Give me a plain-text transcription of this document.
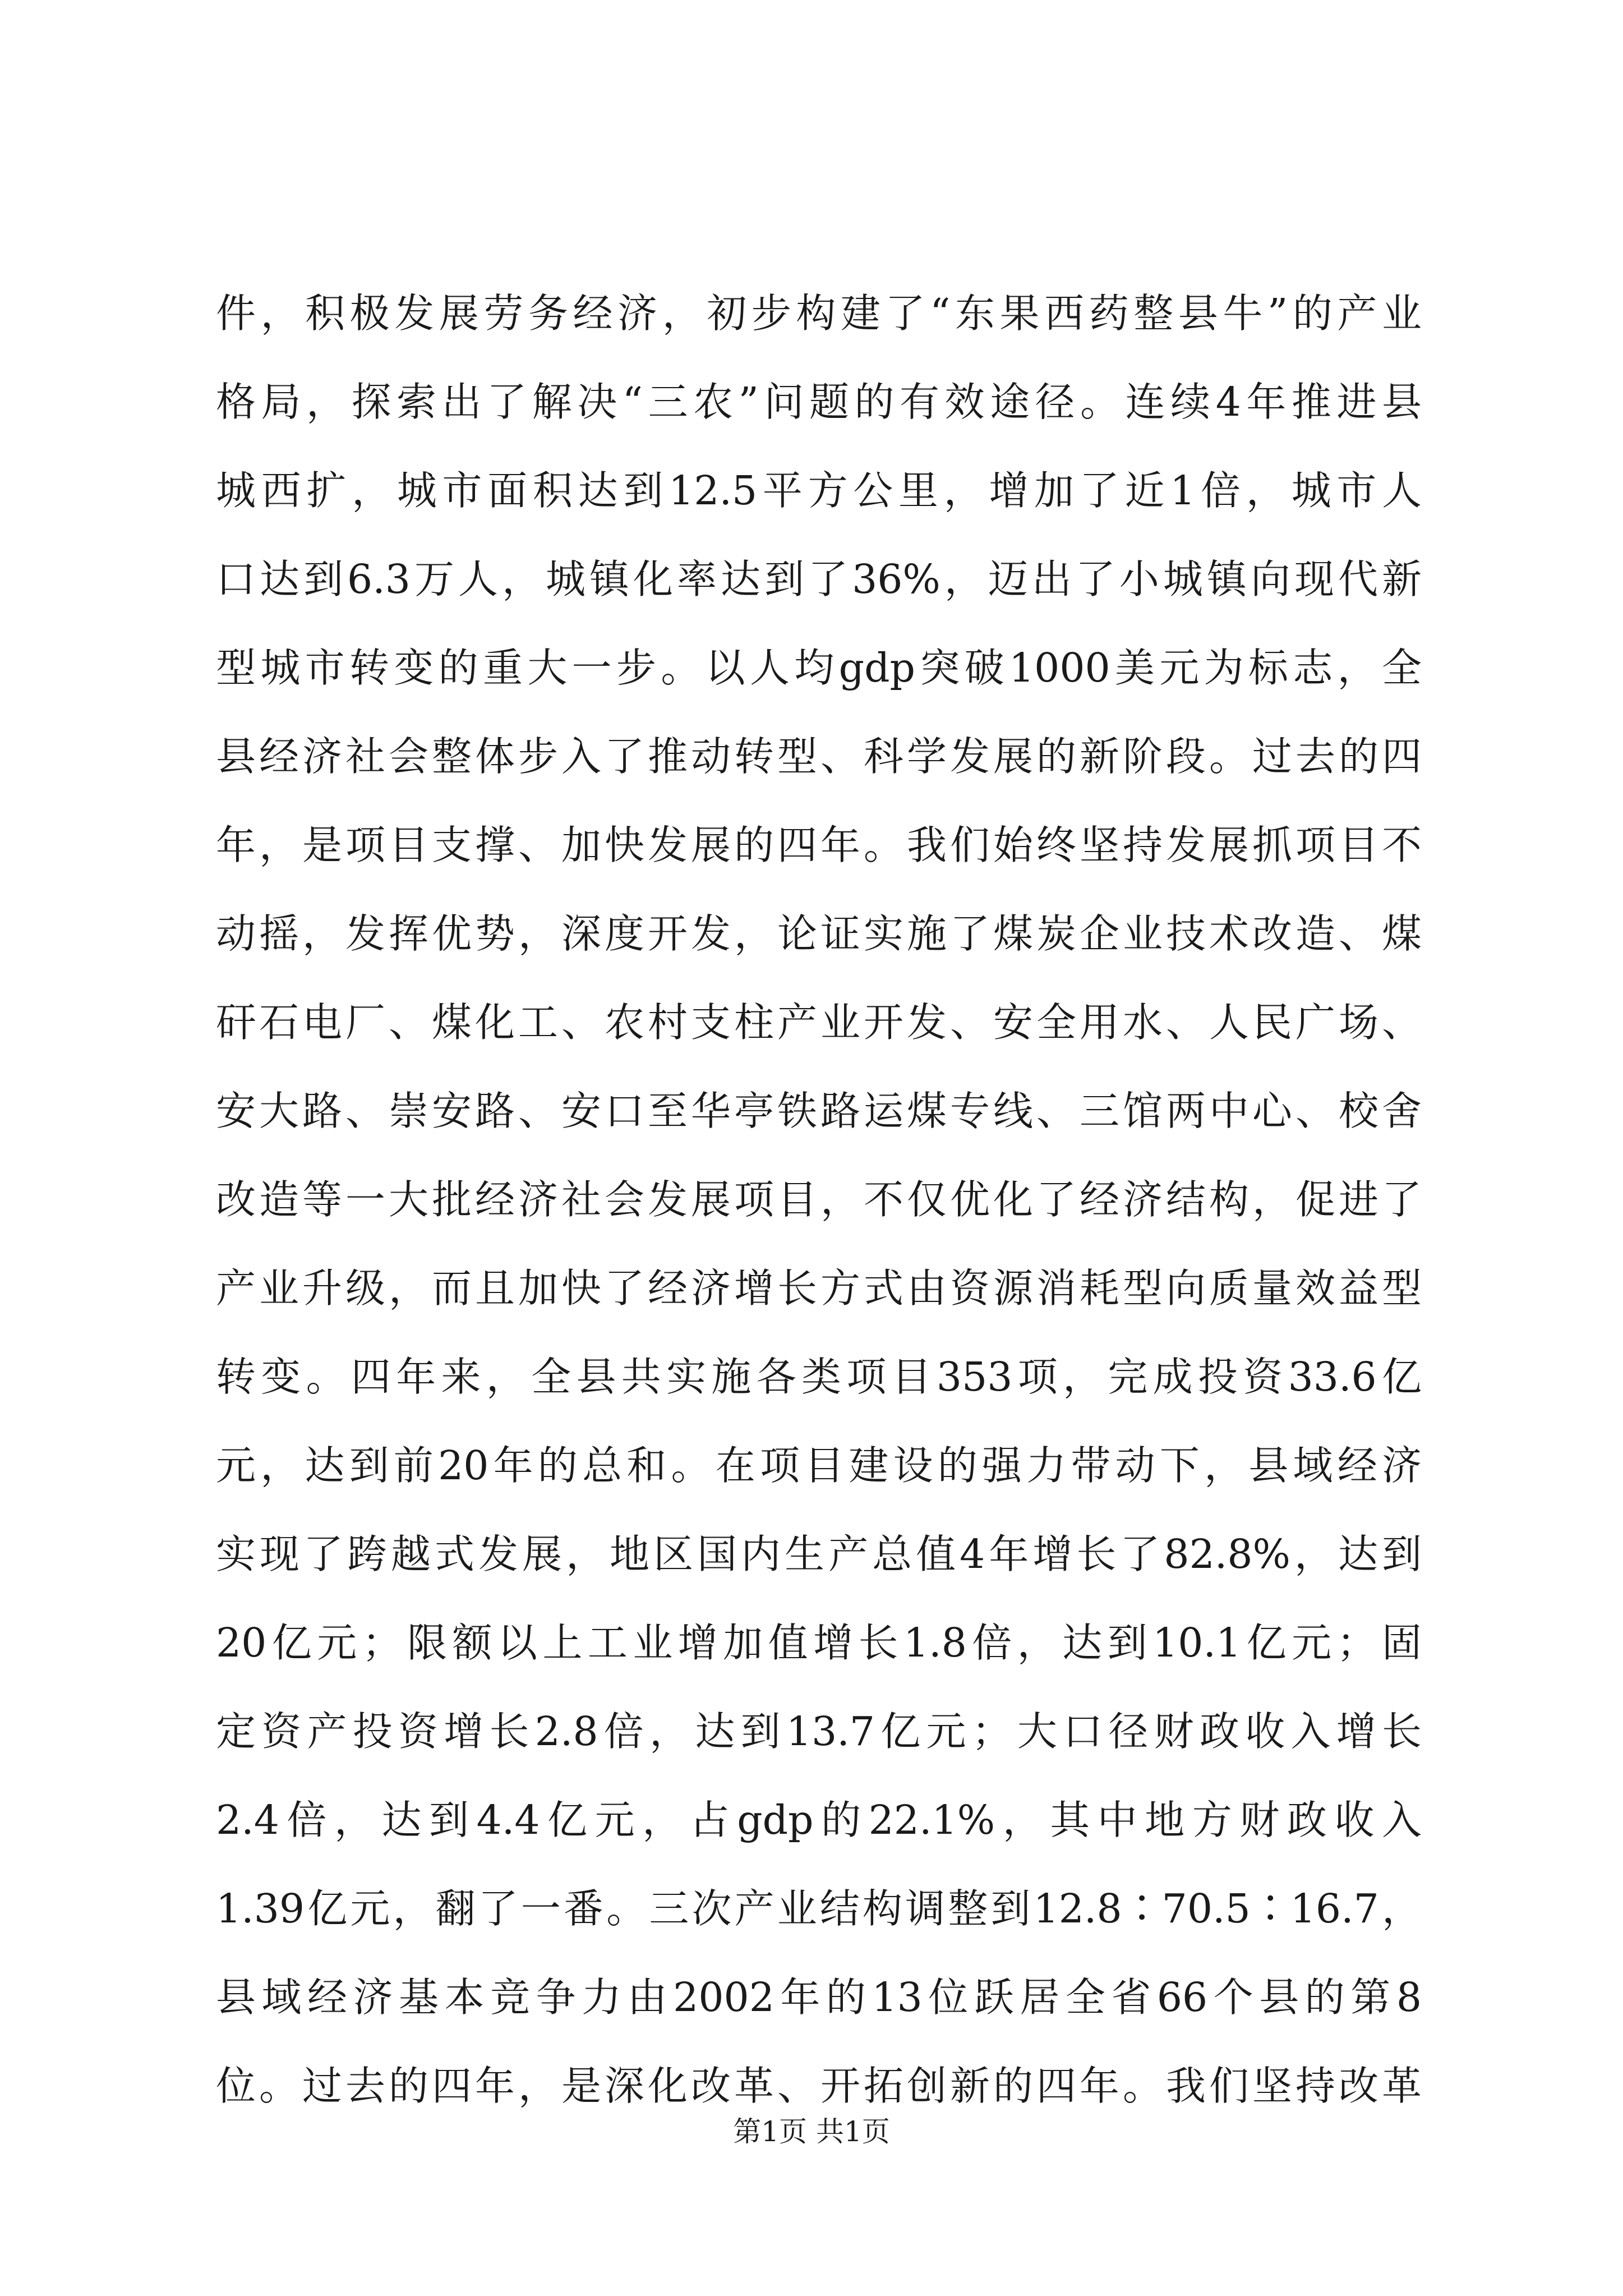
件，积极发展劳务经济，初步构建了“东果西药整县牛”的产业
格局，探索出了解决“三农”问题的有效途径。连续4年推进县
城西扩，城市面积达到12.5平方公里，增加了近1倍，城市人
口达到6.3万人，城镇化率达到了36%，迈出了小城镇向现代新
型城市转变的重大一步。以人均gdp突破1000美元为标志，全
县经济社会整体步入了推动转型、科学发展的新阶段。过去的四
年，是项目支撑、加快发展的四年。我们始终坚持发展抓项目不
动摇，发挥优势，深度开发，论证实施了煤炭企业技术改造、煤
矸石电厂、煤化工、农村支柱产业开发、安全用水、人民广场、
安大路、崇安路、安口至华亭铁路运煤专线、三馆两中心、校舍
改造等一大批经济社会发展项目，不仅优化了经济结构，促进了
产业升级，而且加快了经济增长方式由资源消耗型向质量效益型
转变。四年来，全县共实施各类项目353项，完成投资33.6亿
元，达到前20年的总和。在项目建设的强力带动下，县域经济
实现了跨越式发展，地区国内生产总值4年增长了82.8%，达到
20亿元；限额以上工业增加值增长1.8倍，达到10.1亿元；固
定资产投资增长2.8倍，达到13.7亿元；大口径财政收入增长
2.4倍，达到4.4亿元，占gdp的22.1%，其中地方财政收入
1.39亿元，翻了一番。三次产业结构调整到12.8∶70.5∶16.7，
县域经济基本竞争力由2002年的13位跃居全省66个县的第8
位。过去的四年，是深化改革、开拓创新的四年。我们坚持改革
第1页 共1页
